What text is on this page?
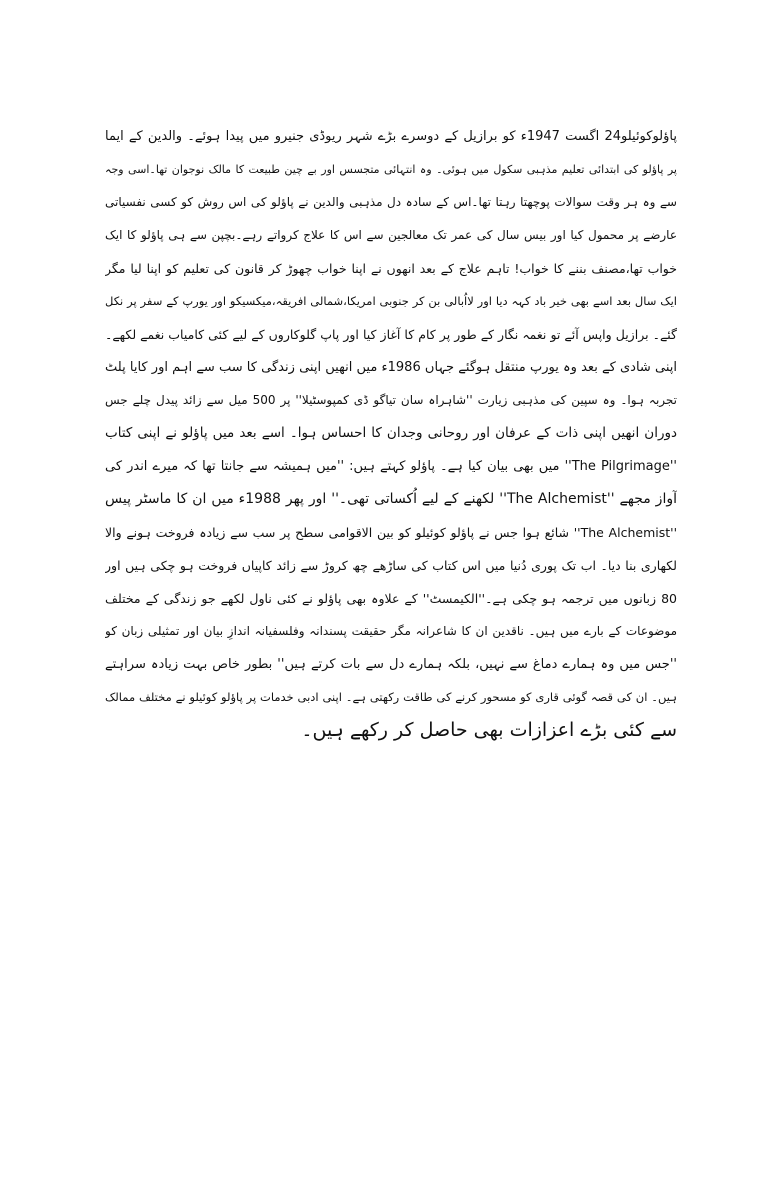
پاؤلوکوئیلو24 اگست 1947ء کو برازیل کے دوسرے بڑے شہر ریوڈی جنیرو میں پیدا ہوئے۔ والدین کے ایما
پر پاؤلو کی ابتدائی تعلیم مذہبی سکول میں ہوئی۔ وہ انتہائی متجسس اور بے چین طبیعت کا مالک نوجوان تھا۔اسی وجہ
سے وہ ہر وقت سوالات پوچھتا رہتا تھا۔اس کے سادہ دل مذہبی والدین نے پاؤلو کی اس روش کو کسی نفسیاتی
عارضے پر محمول کیا اور بیس سال کی عمر تک معالجین سے اس کا علاج کرواتے رہے۔بچپن سے ہی پاؤلو کا ایک
خواب تھا،مصنف بننے کا خواب! تاہم علاج کے بعد انھوں نے اپنا خواب چھوڑ کر قانون کی تعلیم کو اپنا لیا مگر
ایک سال بعد اسے بھی خیر باد کہہ دیا اور لااُبالی بن کر جنوبی امریکا،شمالی افریقہ،میکسیکو اور یورپ کے سفر پر نکل
گئے۔ برازیل واپس آئے تو نغمہ نگار کے طور پر کام کا آغاز کیا اور پاپ گلوکاروں کے لیے کئی کامیاب نغمے لکھے۔
اپنی شادی کے بعد وہ یورپ منتقل ہوگئے جہاں 1986ء میں انھیں اپنی زندگی کا سب سے اہم اور کایا پلٹ
تجربہ ہوا۔ وہ سپین کی مذہبی زیارت ''شاہراہ سان تیاگو ڈی کمپوسٹیلا'' پر 500 میل سے زائد پیدل چلے جس
دوران انھیں اپنی ذات کے عرفان اور روحانی وجدان کا احساس ہوا۔ اسے بعد میں پاؤلو نے اپنی کتاب
''The Pilgrimage'' میں بھی بیان کیا ہے۔ پاؤلو کہتے ہیں: ''میں ہمیشہ سے جانتا تھا کہ میرے اندر کی
آواز مجھے ''The Alchemist'' لکھنے کے لیے اُکساتی تھی۔'' اور پھر 1988ء میں ان کا ماسٹر پیس
''The Alchemist'' شائع ہوا جس نے پاؤلو کوئیلو کو بین الاقوامی سطح پر سب سے زیادہ فروخت ہونے والا
لکھاری بنا دیا۔ اب تک پوری دُنیا میں اس کتاب کی ساڑھے چھ کروڑ سے زائد کاپیاں فروخت ہو چکی ہیں اور
80 زبانوں میں ترجمہ ہو چکی ہے۔''الکیمسٹ'' کے علاوہ بھی پاؤلو نے کئی ناول لکھے جو زندگی کے مختلف
موضوعات کے بارے میں ہیں۔ ناقدین ان کا شاعرانہ مگر حقیقت پسندانہ وفلسفیانہ اندازِ بیان اور تمثیلی زبان کو
''جس میں وہ ہمارے دماغ سے نہیں، بلکہ ہمارے دل سے بات کرتے ہیں'' بطور خاص بہت زیادہ سراہتے
ہیں۔ ان کی قصہ گوئی قاری کو مسحور کرنے کی طاقت رکھتی ہے۔ اپنی ادبی خدمات پر پاؤلو کوئیلو نے مختلف ممالک
سے کئی بڑے اعزازات بھی حاصل کر رکھے ہیں۔
